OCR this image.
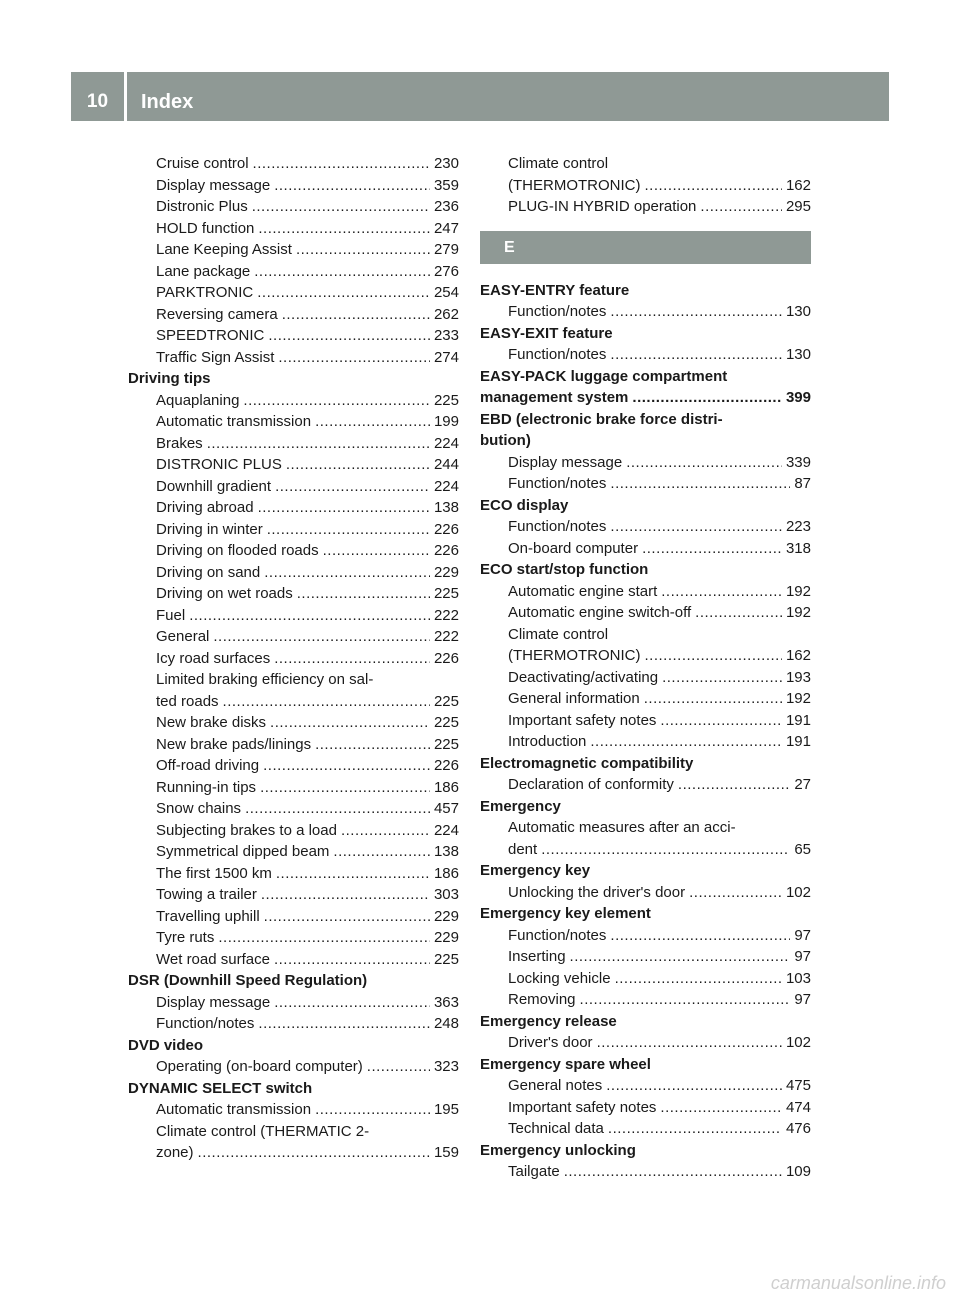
10	Index
Cruise control .....	230
Display message .....	359
Distronic Plus .....	236
HOLD function .....	247
Lane Keeping Assist .....	279
Lane package .....	276
PARKTRONIC .....	254
Reversing camera .....	262
SPEEDTRONIC .....	233
Traffic Sign Assist .....	274
Driving tips
Aquaplaning .....	225
Automatic transmission .....	199
Brakes .....	224
DISTRONIC PLUS .....	244
Downhill gradient .....	224
Driving abroad .....	138
Driving in winter .....	226
Driving on flooded roads .....	226
Driving on sand .....	229
Driving on wet roads .....	225
Fuel .....	222
General .....	222
Icy road surfaces .....	226
Limited braking efficiency on sal-
ted roads .....	225
New brake disks .....	225
New brake pads/linings .....	225
Off-road driving .....	226
Running-in tips .....	186
Snow chains .....	457
Subjecting brakes to a load .....	224
Symmetrical dipped beam .....	138
The first 1500 km .....	186
Towing a trailer .....	303
Travelling uphill .....	229
Tyre ruts .....	229
Wet road surface .....	225
DSR (Downhill Speed Regulation)
Display message .....	363
Function/notes .....	248
DVD video
Operating (on-board computer) .....	323
DYNAMIC SELECT switch
Automatic transmission .....	195
Climate control (THERMATIC 2-
zone) .....	159
Climate control
(THERMOTRONIC) .....	162
PLUG-IN HYBRID operation .....	295
E
EASY-ENTRY feature
Function/notes .....	130
EASY-EXIT feature
Function/notes .....	130
EASY-PACK luggage compartment
management system .....	399
EBD (electronic brake force distri-
bution)
Display message .....	339
Function/notes .....	87
ECO display
Function/notes .....	223
On-board computer .....	318
ECO start/stop function
Automatic engine start .....	192
Automatic engine switch-off .....	192
Climate control
(THERMOTRONIC) .....	162
Deactivating/activating .....	193
General information .....	192
Important safety notes .....	191
Introduction .....	191
Electromagnetic compatibility
Declaration of conformity .....	27
Emergency
Automatic measures after an acci-
dent .....	65
Emergency key
Unlocking the driver's door .....	102
Emergency key element
Function/notes .....	97
Inserting .....	97
Locking vehicle .....	103
Removing .....	97
Emergency release
Driver's door .....	102
Emergency spare wheel
General notes .....	475
Important safety notes .....	474
Technical data .....	476
Emergency unlocking
Tailgate .....	109
carmanualsonline.info
